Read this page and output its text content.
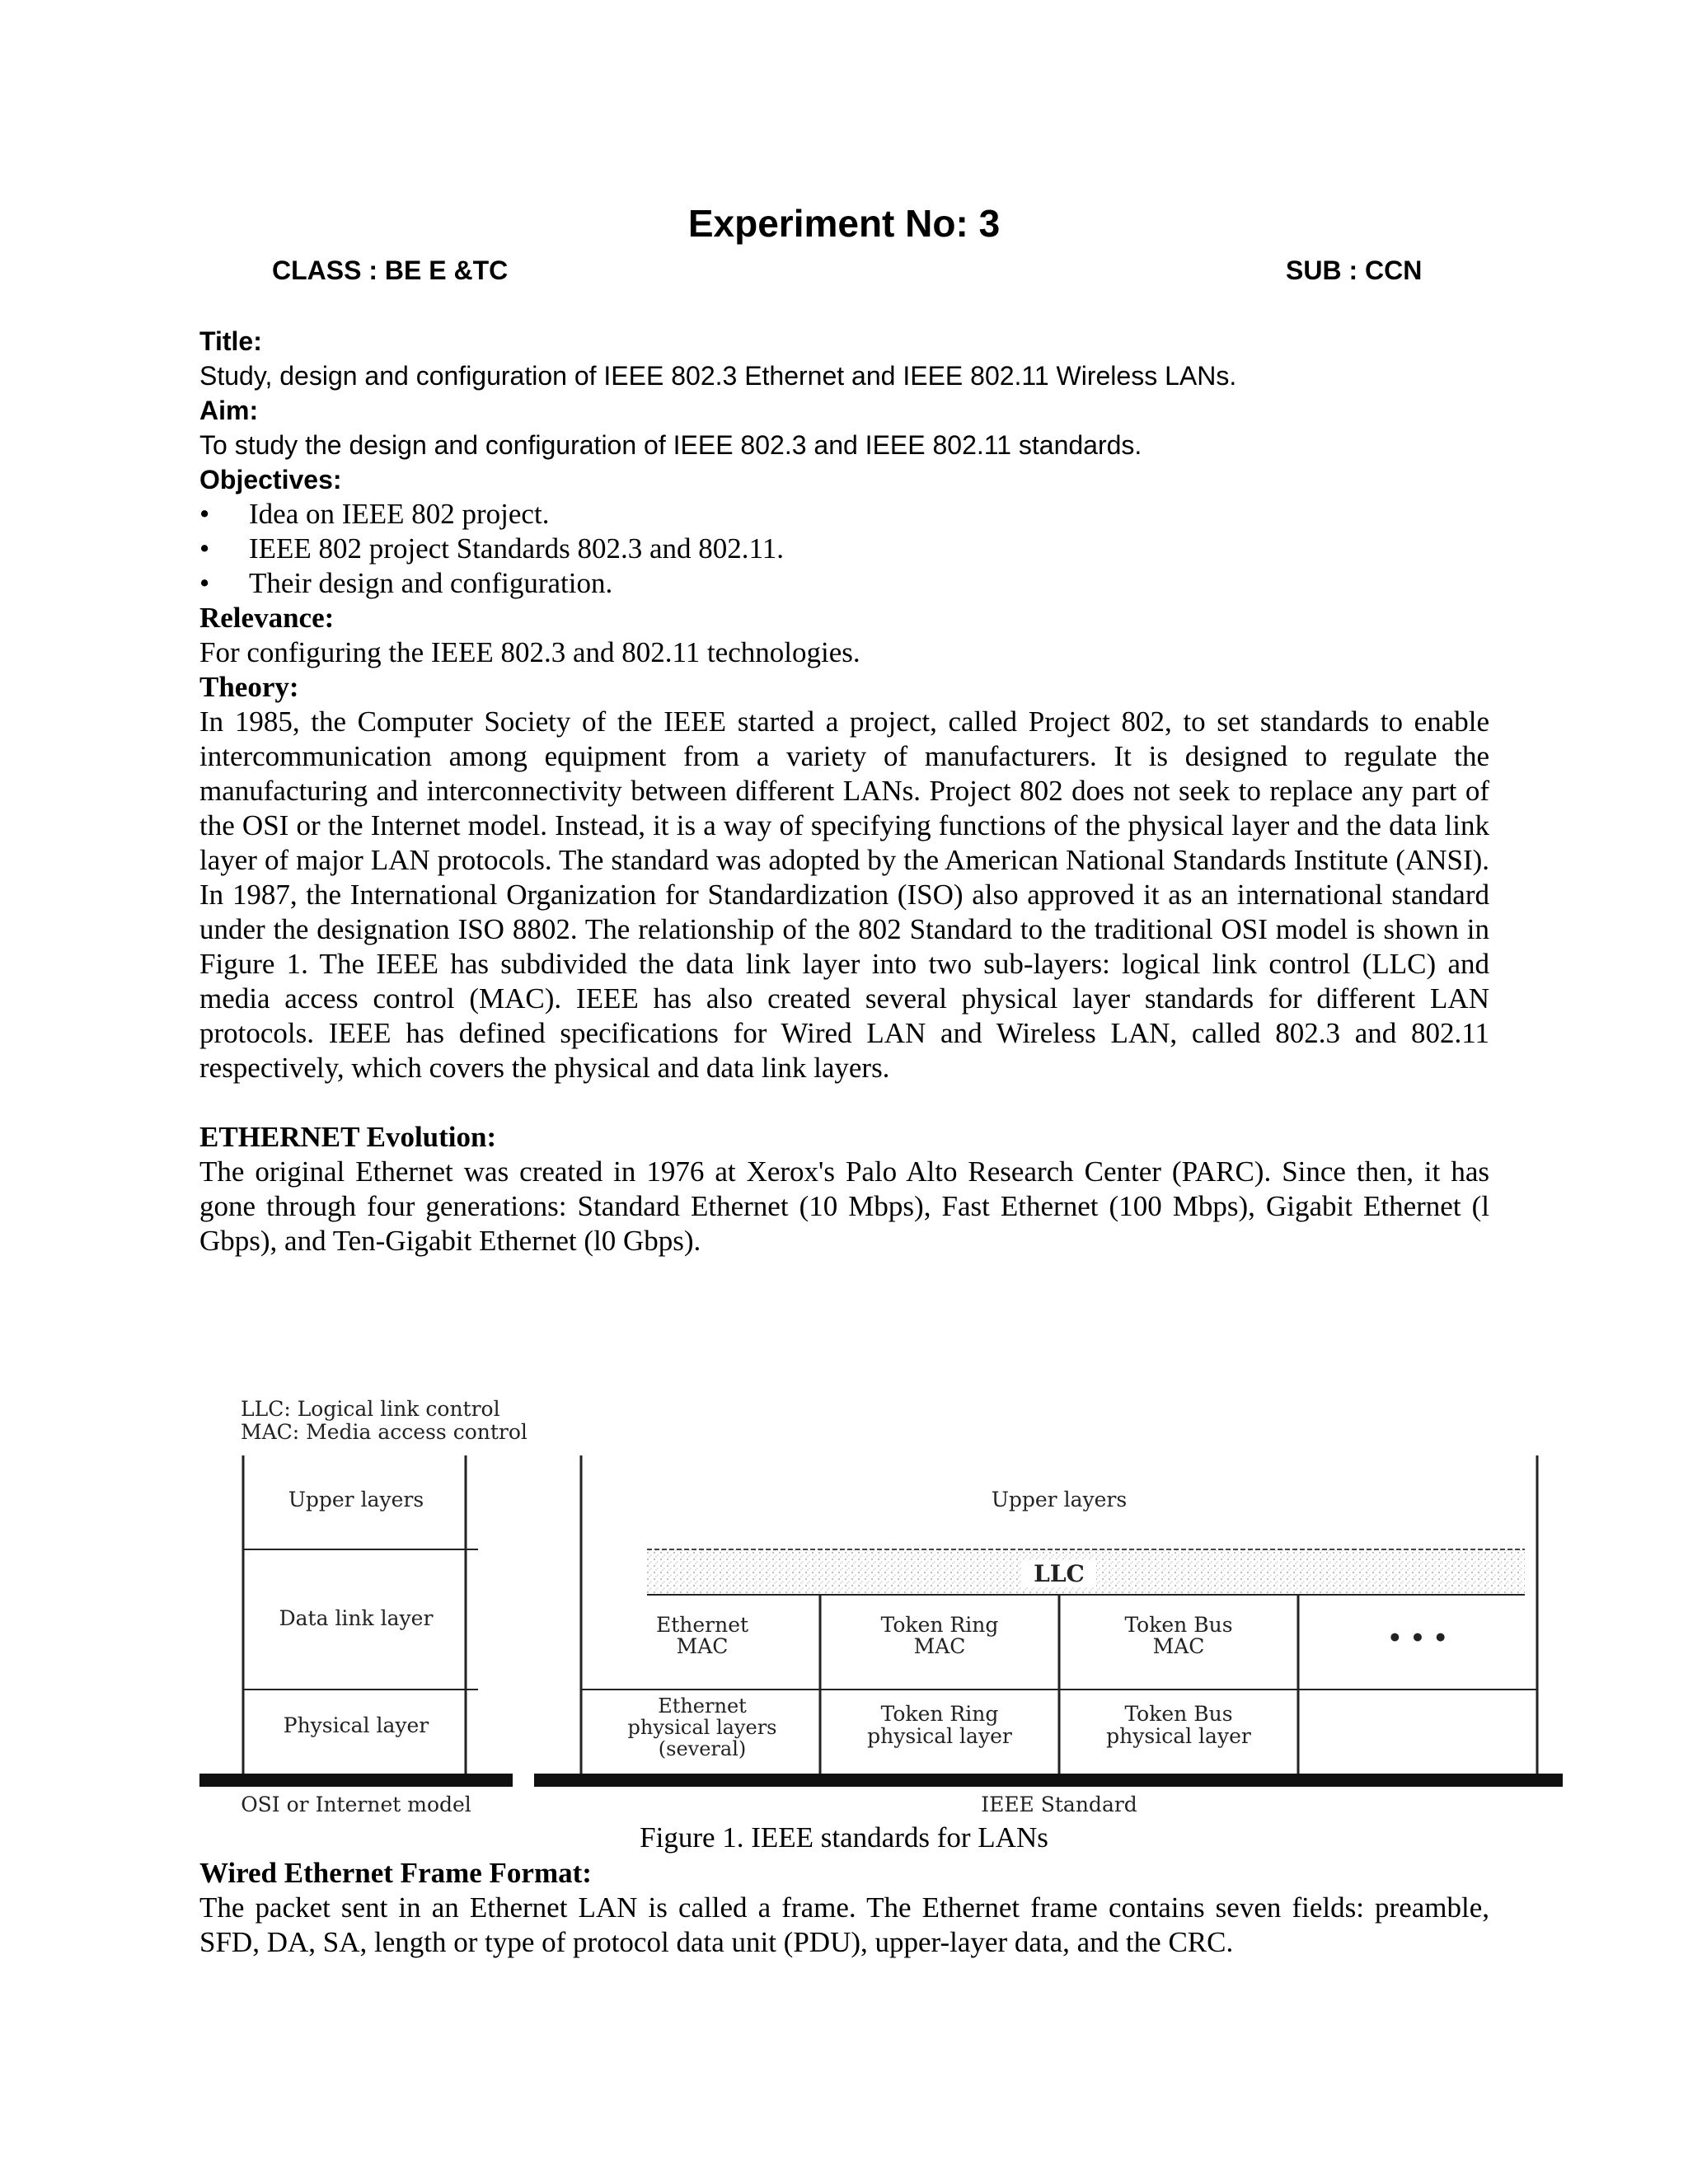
Experiment No: 3
CLASS : BE E &TC	SUB : CCN
Title:
Study, design and configuration of IEEE 802.3 Ethernet and IEEE 802.11 Wireless LANs.
Aim:
To study the design and configuration of IEEE 802.3 and IEEE 802.11 standards.
Objectives:
• Idea on IEEE 802 project.
• IEEE 802 project Standards 802.3 and 802.11.
• Their design and configuration.
Relevance:
For configuring the IEEE 802.3 and 802.11 technologies.
Theory:
In 1985, the Computer Society of the IEEE started a project, called Project 802, to set standards to enable intercommunication among equipment from a variety of manufacturers. It is designed to regulate the manufacturing and interconnectivity between different LANs. Project 802 does not seek to replace any part of the OSI or the Internet model. Instead, it is a way of specifying functions of the physical layer and the data link layer of major LAN protocols. The standard was adopted by the American National Standards Institute (ANSI). In 1987, the International Organization for Standardization (ISO) also approved it as an international standard under the designation ISO 8802. The relationship of the 802 Standard to the traditional OSI model is shown in Figure 1. The IEEE has subdivided the data link layer into two sub-layers: logical link control (LLC) and media access control (MAC). IEEE has also created several physical layer standards for different LAN protocols. IEEE has defined specifications for Wired LAN and Wireless LAN, called 802.3 and 802.11 respectively, which covers the physical and data link layers.
ETHERNET Evolution:
The original Ethernet was created in 1976 at Xerox's Palo Alto Research Center (PARC). Since then, it has gone through four generations: Standard Ethernet (10 Mbps), Fast Ethernet (100 Mbps), Gigabit Ethernet (l Gbps), and Ten-Gigabit Ethernet (l0 Gbps).
LLC: Logical link control
MAC: Media access control
Upper layers
Data link layer
Physical layer
OSI or Internet model
Upper layers
LLC
Ethernet
MAC
Token Ring
MAC
Token Bus
MAC	• • •
Ethernet
physical layers
(several)
Token Ring
physical layer
Token Bus
physical layer
IEEE Standard
Figure 1. IEEE standards for LANs
Wired Ethernet Frame Format:
The packet sent in an Ethernet LAN is called a frame. The Ethernet frame contains seven fields: preamble, SFD, DA, SA, length or type of protocol data unit (PDU), upper-layer data, and the CRC.
